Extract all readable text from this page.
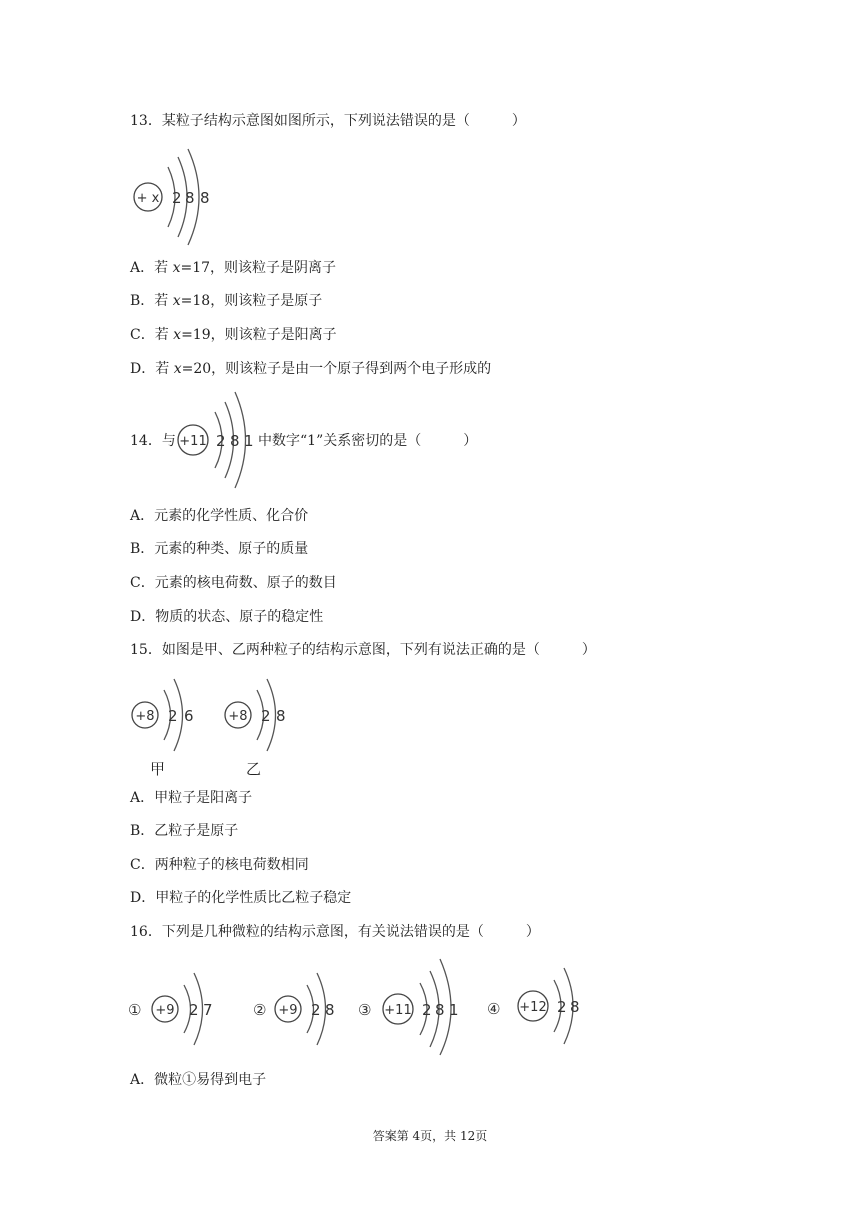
13．某粒子结构示意图如图所示，下列说法错误的是（　　　）
+ x 2 8 8
A．若 x=17，则该粒子是阴离子
B．若 x=18，则该粒子是原子
C．若 x=19，则该粒子是阳离子
D．若 x=20，则该粒子是由一个原子得到两个电子形成的
14．与 +11 2 8 1 中数字“1”关系密切的是（　　　）
A．元素的化学性质、化合价
B．元素的种类、原子的质量
C．元素的核电荷数、原子的数目
D．物质的状态、原子的稳定性
15．如图是甲、乙两种粒子的结构示意图，下列有说法正确的是（　　　）
+8 2 6
甲
+8 2 8
乙
A．甲粒子是阳离子
B．乙粒子是原子
C．两种粒子的核电荷数相同
D．甲粒子的化学性质比乙粒子稳定
16．下列是几种微粒的结构示意图，有关说法错误的是（　　　）
① +9 2 7	② +9 2 8 ③ +11 2 8 1 ④ +12 2 8
A．微粒①易得到电子
答案第 4页，共 12页
